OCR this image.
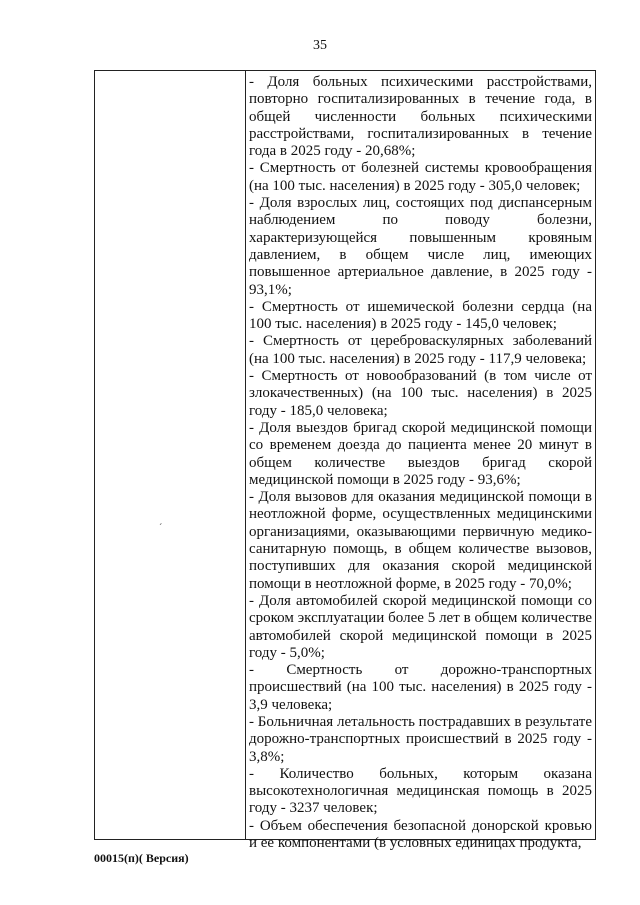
35
´

- Доля больных психическими расстройствами, повторно госпитализированных в течение года, в общей численности больных психическими расстройствами, госпитализированных в течение года в 2025 году - 20,68%;

- Смертность от болезней системы кровообращения (на 100 тыс. населения) в 2025 году - 305,0 человек;

- Доля взрослых лиц, состоящих под диспансерным наблюдением по поводу болезни, характеризующейся повышенным кровяным давлением, в общем числе лиц, имеющих повышенное артериальное давление, в 2025 году - 93,1%;

- Смертность от ишемической болезни сердца (на 100 тыс. населения) в 2025 году - 145,0 человек;

- Смертность от цереброваскулярных заболеваний (на 100 тыс. населения) в 2025 году - 117,9 человека;

- Смертность от новообразований (в том числе от злокачественных) (на 100 тыс. населения) в 2025 году - 185,0 человека;

- Доля выездов бригад скорой медицинской помощи со временем доезда до пациента менее 20 минут в общем количестве выездов бригад скорой медицинской помощи в 2025 году - 93,6%;

- Доля вызовов для оказания медицинской помощи в неотложной форме, осуществленных медицинскими организациями, оказывающими первичную медико-санитарную помощь, в общем количестве вызовов, поступивших для оказания скорой медицинской помощи в неотложной форме, в 2025 году - 70,0%;

- Доля автомобилей скорой медицинской помощи со сроком эксплуатации более 5 лет в общем количестве автомобилей скорой медицинской помощи в 2025 году - 5,0%;

- Смертность от дорожно-транспортных происшествий (на 100 тыс. населения) в 2025 году - 3,9 человека;

- Больничная летальность пострадавших в результате дорожно-транспортных происшествий в 2025 году - 3,8%;

- Количество больных, которым оказана высокотехнологичная медицинская помощь в 2025 году - 3237 человек;

- Объем обеспечения безопасной донорской кровью и ее компонентами (в условных единицах продукта,

00015(п)( Версия)
